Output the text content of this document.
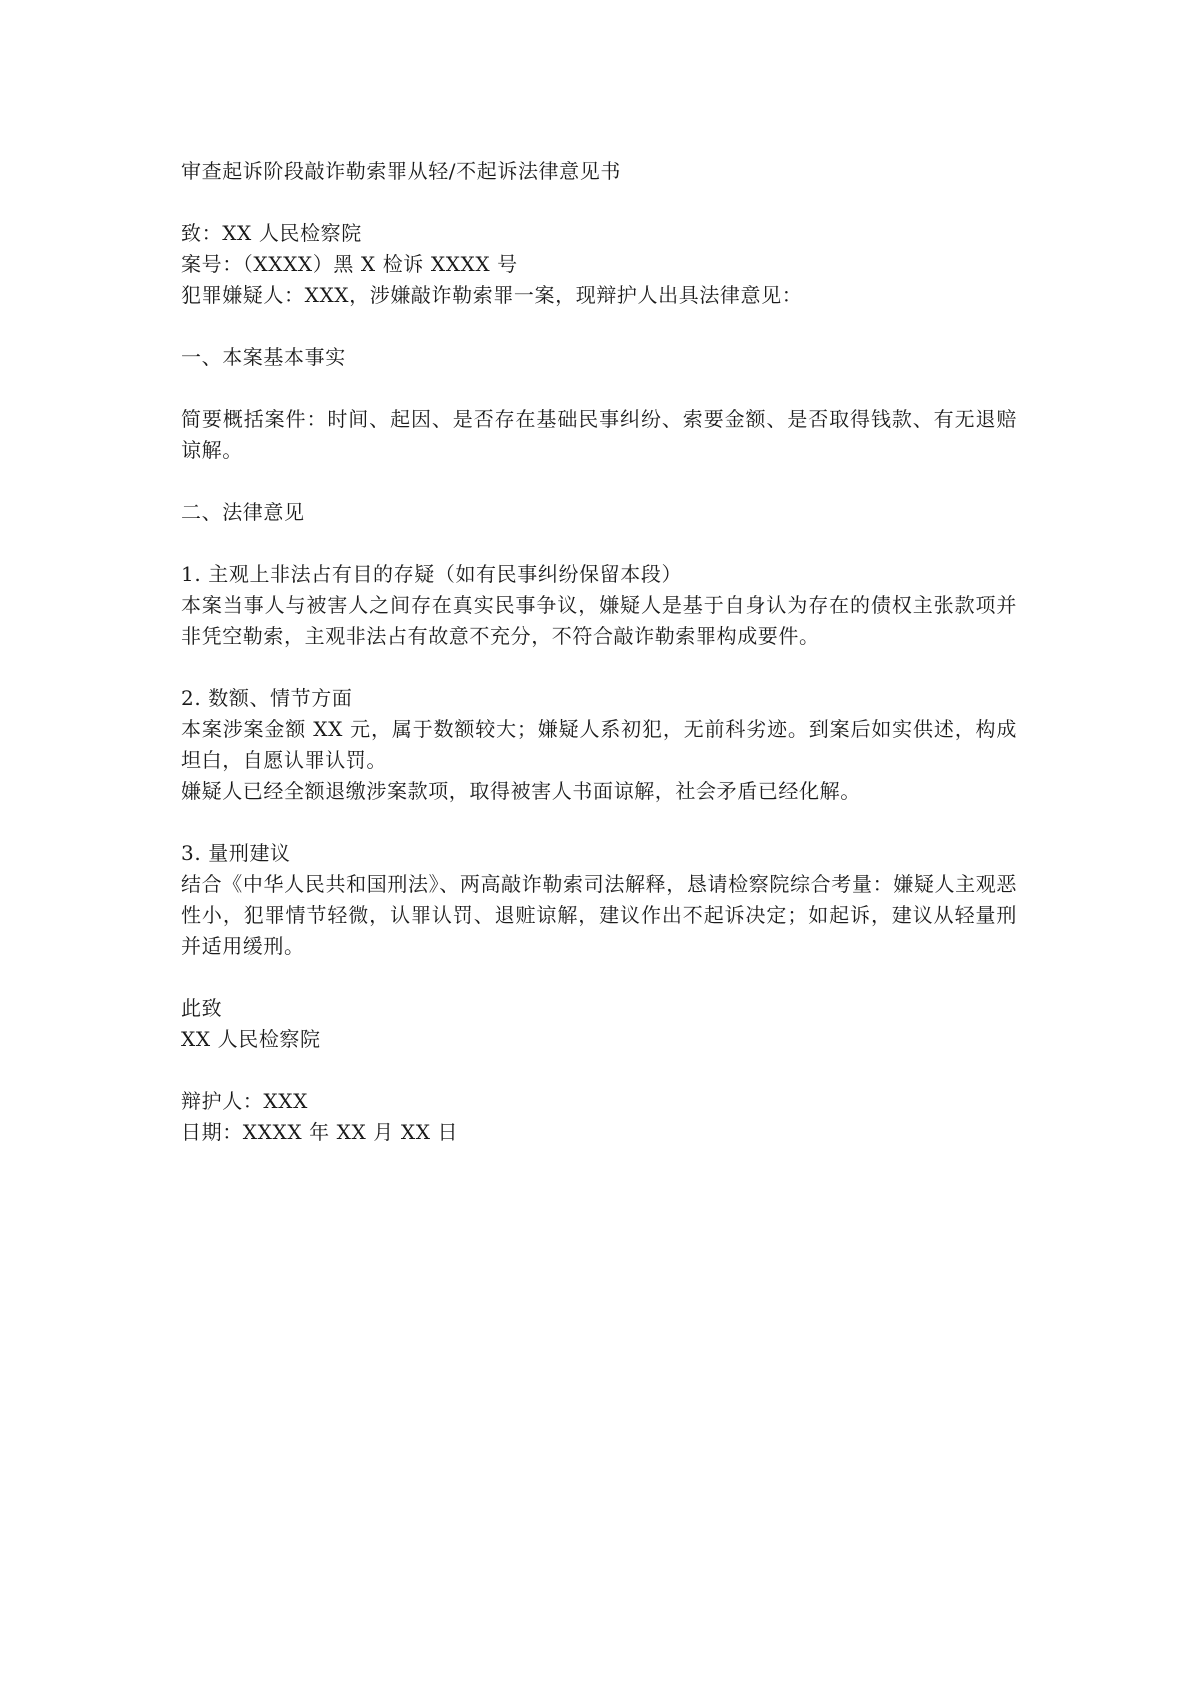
审查起诉阶段敲诈勒索罪从轻/不起诉法律意见书

致：XX 人民检察院

案号：（XXXX）黑 X 检诉 XXXX 号

犯罪嫌疑人：XXX，涉嫌敲诈勒索罪一案，现辩护人出具法律意见：

一、本案基本事实

简要概括案件：时间、起因、是否存在基础民事纠纷、索要金额、是否取得钱款、有无退赔谅解。

二、法律意见

1. 主观上非法占有目的存疑（如有民事纠纷保留本段）

本案当事人与被害人之间存在真实民事争议，嫌疑人是基于自身认为存在的债权主张款项并非凭空勒索，主观非法占有故意不充分，不符合敲诈勒索罪构成要件。

2. 数额、情节方面

本案涉案金额 XX 元，属于数额较大；嫌疑人系初犯，无前科劣迹。到案后如实供述，构成坦白，自愿认罪认罚。

嫌疑人已经全额退缴涉案款项，取得被害人书面谅解，社会矛盾已经化解。

3. 量刑建议

结合《中华人民共和国刑法》、两高敲诈勒索司法解释，恳请检察院综合考量：嫌疑人主观恶性小，犯罪情节轻微，认罪认罚、退赃谅解，建议作出不起诉决定；如起诉，建议从轻量刑并适用缓刑。

此致

XX 人民检察院

辩护人：XXX

日期：XXXX 年 XX 月 XX 日
